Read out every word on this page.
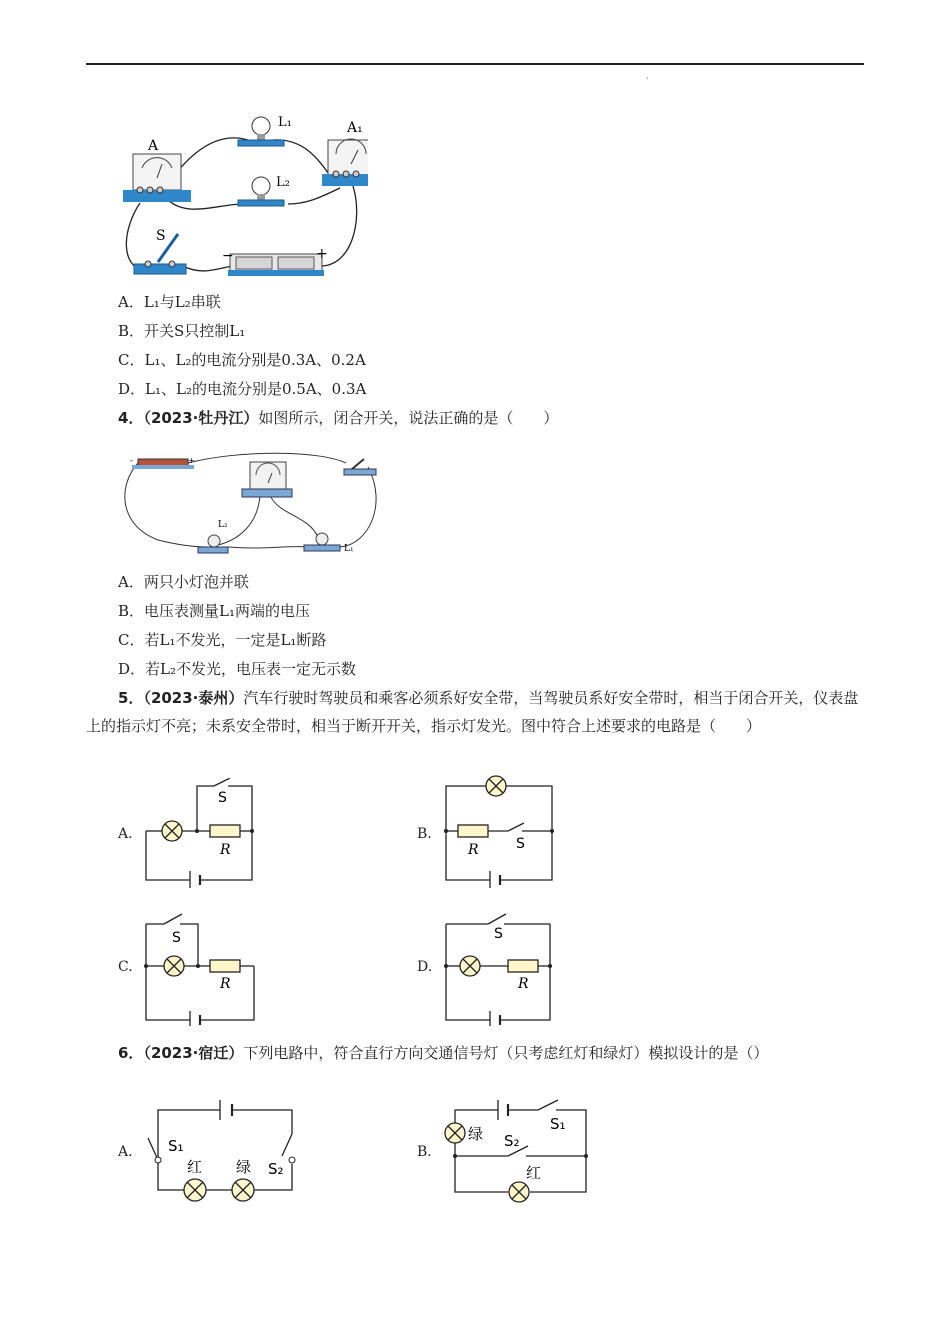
'
A
A₁
L₁
L₂
S
−	+
A．L₁与L₂串联
B．开关S只控制L₁
C．L₁、L₂的电流分别是0.3A、0.2A
D．L₁、L₂的电流分别是0.5A、0.3A
4．（2023·牡丹江）如图所示，闭合开关，说法正确的是（　　）
-	+
L₂
L₁
A．两只小灯泡并联
B．电压表测量L₁两端的电压
C．若L₁不发光，一定是L₁断路
D．若L₂不发光，电压表一定无示数
5．（2023·泰州）汽车行驶时驾驶员和乘客必须系好安全带，当驾驶员系好安全带时，相当于闭合开关，仪表盘上的指示灯不亮；未系安全带时，相当于断开开关，指示灯发光。图中符合上述要求的电路是（　　）
A.
S
R
B.
S
R
C.
S
R
D.
S
R
6．（2023·宿迁）下列电路中，符合直行方向交通信号灯（只考虑红灯和绿灯）模拟设计的是（）
A. S₁
S₂
红 绿
B.
绿
S₁
S₂
红
